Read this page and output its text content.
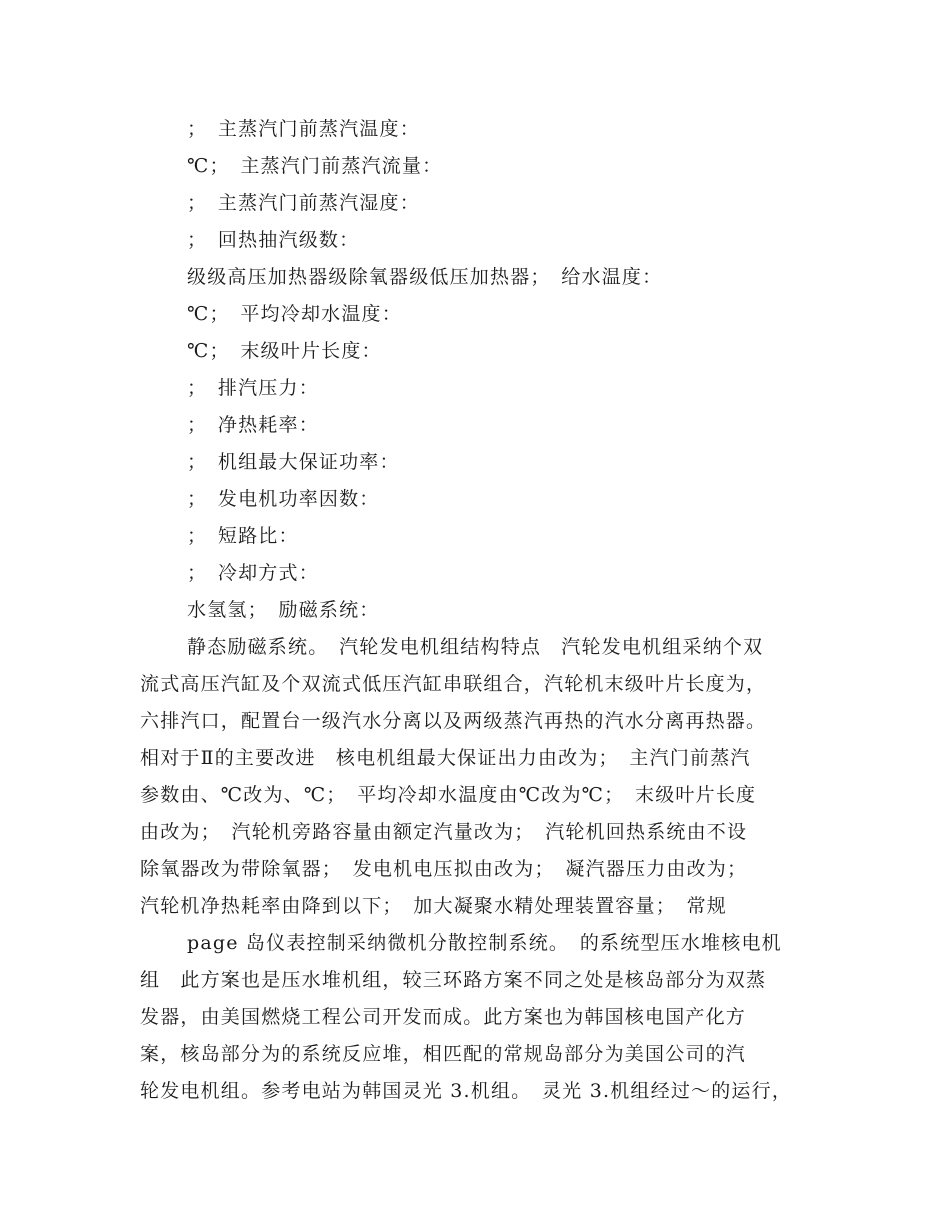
；　主蒸汽门前蒸汽温度：
℃；　主蒸汽门前蒸汽流量：
；　主蒸汽门前蒸汽湿度：
；　回热抽汽级数：
级级高压加热器级除氧器级低压加热器；　给水温度：
℃；　平均冷却水温度：
℃；　末级叶片长度：
；　排汽压力：
；　净热耗率：
；　机组最大保证功率：
；　发电机功率因数：
；　短路比：
；　冷却方式：
水氢氢；　励磁系统：
静态励磁系统。　汽轮发电机组结构特点　汽轮发电机组采纳个双
流式高压汽缸及个双流式低压汽缸串联组合，汽轮机末级叶片长度为，
六排汽口，配置台一级汽水分离以及两级蒸汽再热的汽水分离再热器。
相对于Ⅱ的主要改进　核电机组最大保证出力由改为；　主汽门前蒸汽
参数由、℃改为、℃；　平均冷却水温度由℃改为℃；　末级叶片长度
由改为；　汽轮机旁路容量由额定汽量改为；　汽轮机回热系统由不设
除氧器改为带除氧器；　发电机电压拟由改为；　凝汽器压力由改为；
汽轮机净热耗率由降到以下；　加大凝聚水精处理装置容量；　常规
page 岛仪表控制采纳微机分散控制系统。　的系统型压水堆核电机
组　此方案也是压水堆机组，较三环路方案不同之处是核岛部分为双蒸
发器，由美国燃烧工程公司开发而成。此方案也为韩国核电国产化方
案，核岛部分为的系统反应堆，相匹配的常规岛部分为美国公司的汽
轮发电机组。参考电站为韩国灵光 3.机组。　灵光 3.机组经过～的运行，
